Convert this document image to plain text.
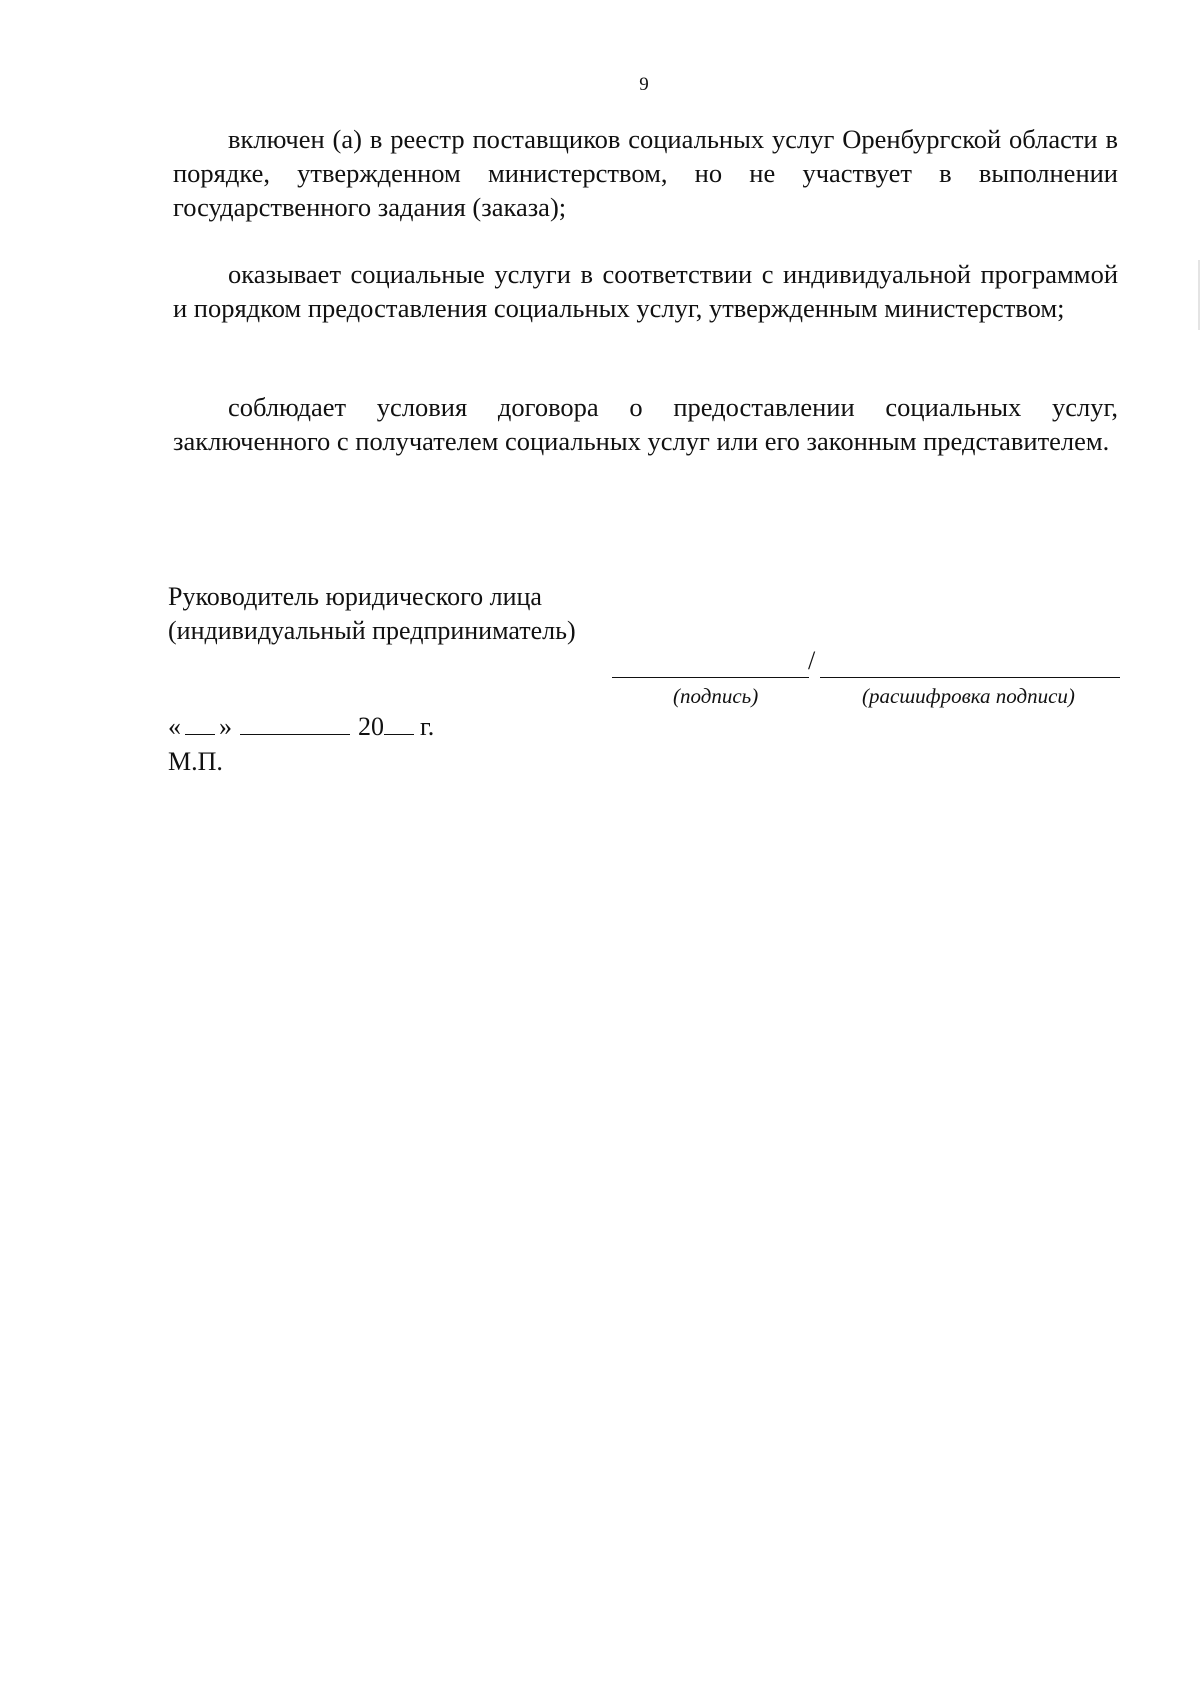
9

включен (а) в реестр поставщиков социальных услуг Оренбургской области в порядке, утвержденном министерством, но не участвует в выполнении государственного задания (заказа);

оказывает социальные услуги в соответствии с индивидуальной программой и порядком предоставления социальных услуг, утвержденным министерством;

соблюдает условия договора о предоставлении социальных услуг, заключенного с получателем социальных услуг или его законным представителем.

Руководитель юридического лица
(индивидуальный предприниматель)
/
(подпись)	(расшифровка подписи)
« »	20 г.
М.П.
